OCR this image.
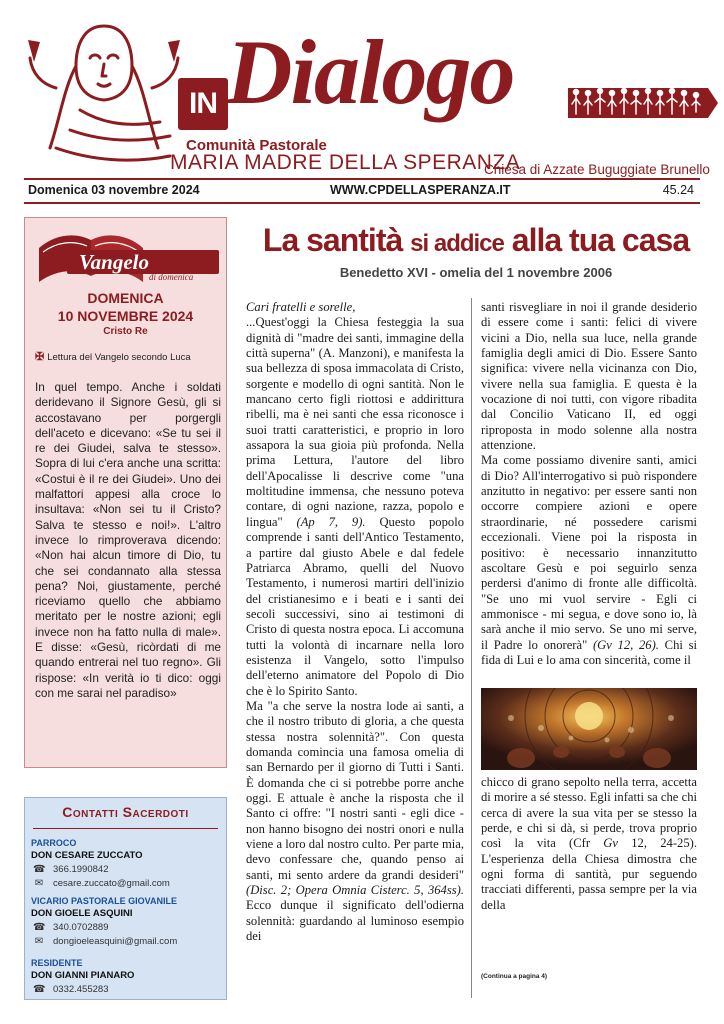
IN Dialogo
Comunità Pastorale
MARIA MADRE DELLA SPERANZA
Chiesa di Azzate Buguggiate Brunello
Domenica 03 novembre 2024	WWW.CPDELLASPERANZA.IT	45.24
Vangelo
di domenica
DOMENICA
10 NOVEMBRE 2024
Cristo Re
✠ Lettura del Vangelo secondo Luca
In quel tempo. Anche i soldati deridevano il Signore Gesù, gli si accostavano per porgergli dell'aceto e dicevano: «Se tu sei il re dei Giudei, salva te stesso». Sopra di lui c'era anche una scritta: «Costui è il re dei Giudei». Uno dei malfattori appesi alla croce lo insultava: «Non sei tu il Cristo? Salva te stesso e noi!». L'altro invece lo rimproverava dicendo: «Non hai alcun timore di Dio, tu che sei condannato alla stessa pena? Noi, giustamente, perché riceviamo quello che abbiamo meritato per le nostre azioni; egli invece non ha fatto nulla di male». E disse: «Gesù, ricòrdati di me quando entrerai nel tuo regno». Gli rispose: «In verità io ti dico: oggi con me sarai nel paradiso»
Contatti Sacerdoti
PARROCO
DON CESARE ZUCCATO
☎ 366.1990842
✉ cesare.zuccato@gmail.com
VICARIO PASTORALE GIOVANILE
DON GIOELE ASQUINI
☎ 340.0702889
✉ dongioeleasquini@gmail.com
RESIDENTE
DON GIANNI PIANARO
☎ 0332.455283
La santità si addice alla tua casa
Benedetto XVI - omelia del 1 novembre 2006
Cari fratelli e sorelle,
...Quest'oggi la Chiesa festeggia la sua dignità di "madre dei santi, immagine della città superna" (A. Manzoni), e manifesta la sua bellezza di sposa immacolata di Cristo, sorgente e modello di ogni santità. Non le mancano certo figli riottosi e addirittura ribelli, ma è nei santi che essa riconosce i suoi tratti caratteristici, e proprio in loro assapora la sua gioia più profonda. Nella prima Lettura, l'autore del libro dell'Apocalisse li descrive come "una moltitudine immensa, che nessuno poteva contare, di ogni nazione, razza, popolo e lingua" (Ap 7, 9). Questo popolo comprende i santi dell'Antico Testamento, a partire dal giusto Abele e dal fedele Patriarca Abramo, quelli del Nuovo Testamento, i numerosi martiri dell'inizio del cristianesimo e i beati e i santi dei secoli successivi, sino ai testimoni di Cristo di questa nostra epoca. Li accomuna tutti la volontà di incarnare nella loro esistenza il Vangelo, sotto l'impulso dell'eterno animatore del Popolo di Dio che è lo Spirito Santo.
Ma "a che serve la nostra lode ai santi, a che il nostro tributo di gloria, a che questa stessa nostra solennità?". Con questa domanda comincia una famosa omelia di san Bernardo per il giorno di Tutti i Santi. È domanda che ci si potrebbe porre anche oggi. E attuale è anche la risposta che il Santo ci offre: "I nostri santi - egli dice - non hanno bisogno dei nostri onori e nulla viene a loro dal nostro culto. Per parte mia, devo confessare che, quando penso ai santi, mi sento ardere da grandi desideri" (Disc. 2; Opera Omnia Cisterc. 5, 364ss). Ecco dunque il significato dell'odierna solennità: guardando al luminoso esempio dei
santi risvegliare in noi il grande desiderio di essere come i santi: felici di vivere vicini a Dio, nella sua luce, nella grande famiglia degli amici di Dio. Essere Santo significa: vivere nella vicinanza con Dio, vivere nella sua famiglia. E questa è la vocazione di noi tutti, con vigore ribadita dal Concilio Vaticano II, ed oggi riproposta in modo solenne alla nostra attenzione.
Ma come possiamo divenire santi, amici di Dio? All'interrogativo si può rispondere anzitutto in negativo: per essere santi non occorre compiere azioni e opere straordinarie, né possedere carismi eccezionali. Viene poi la risposta in positivo: è necessario innanzitutto ascoltare Gesù e poi seguirlo senza perdersi d'animo di fronte alle difficoltà. "Se uno mi vuol servire - Egli ci ammonisce - mi segua, e dove sono io, là sarà anche il mio servo. Se uno mi serve, il Padre lo onorerà" (Gv 12, 26). Chi si fida di Lui e lo ama con sincerità, come il
chicco di grano sepolto nella terra, accetta di morire a sé stesso. Egli infatti sa che chi cerca di avere la sua vita per se stesso la perde, e chi si dà, si perde, trova proprio così la vita (Cfr Gv 12, 24-25). L'esperienza della Chiesa dimostra che ogni forma di santità, pur seguendo tracciati differenti, passa sempre per la via della
(Continua a pagina 4)
